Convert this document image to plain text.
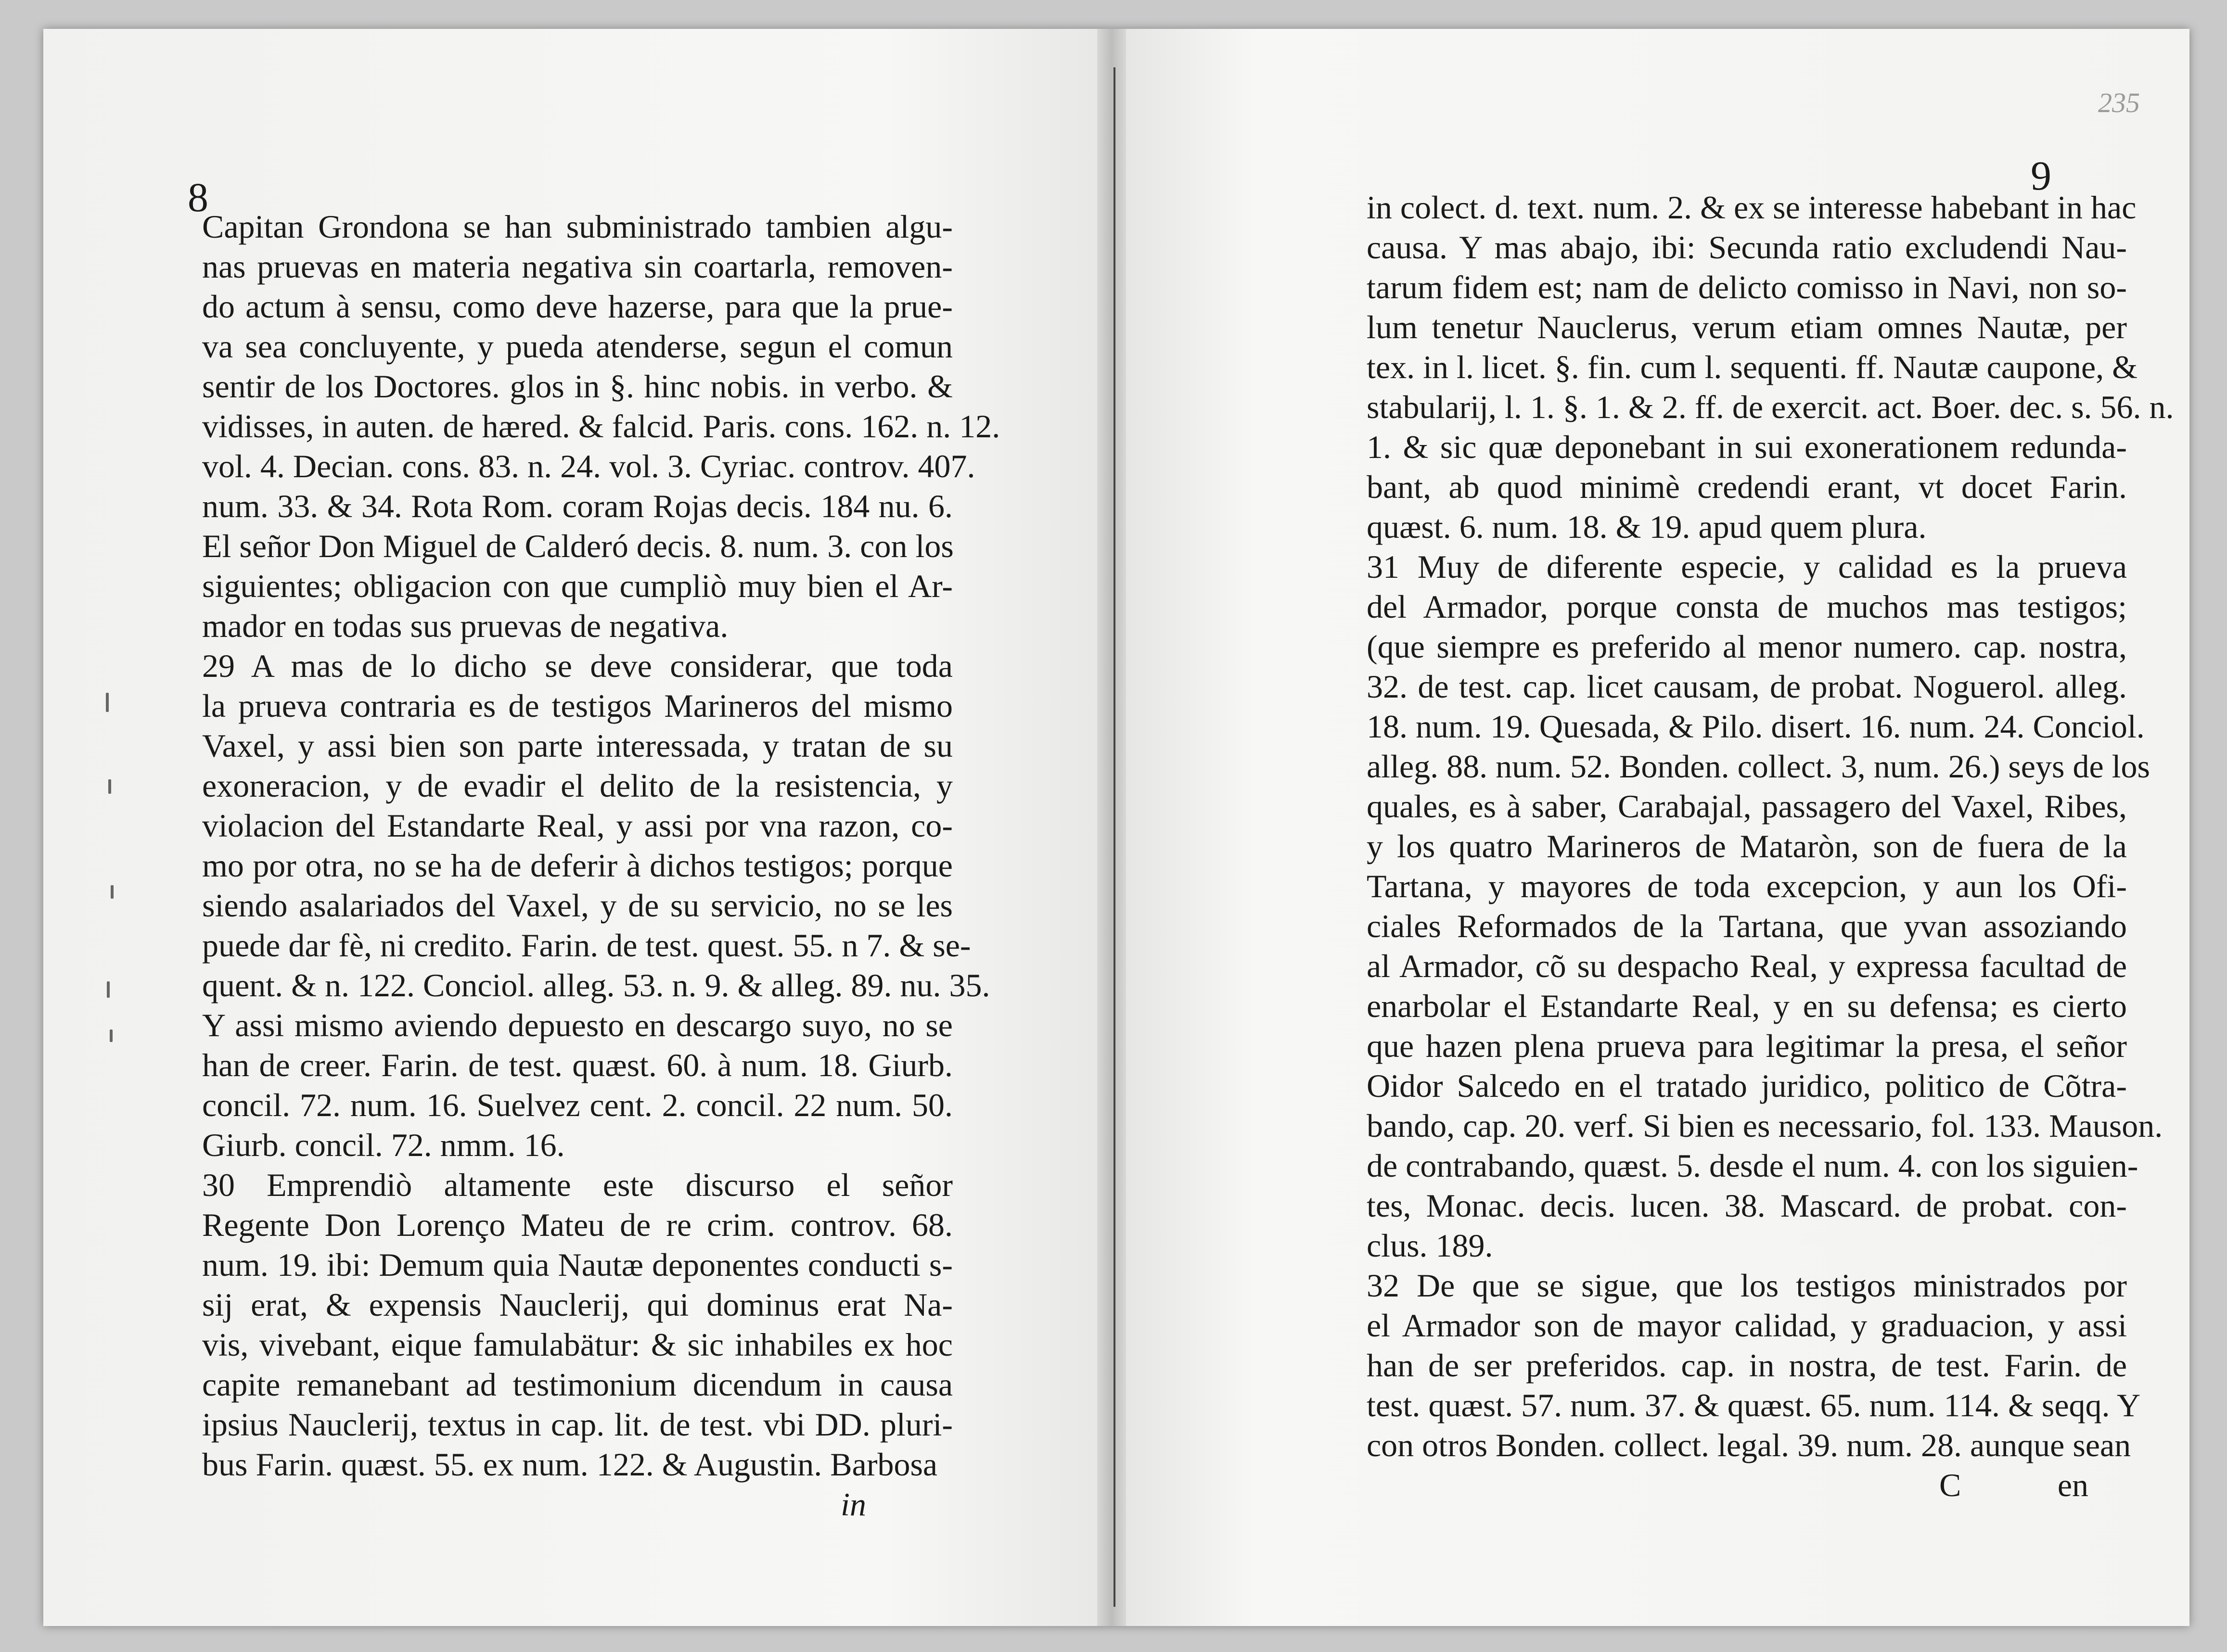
8
Capitan Grondona se han subministrado tambien algu-
nas pruevas en materia negativa sin coartarla, removen-
do actum à sensu, como deve hazerse, para que la prue-
va sea concluyente, y pueda atenderse, segun el comun
sentir de los Doctores. glos in §. hinc nobis. in verbo. &
vidisses, in auten. de hæred. & falcid. Paris. cons. 162. n. 12.
vol. 4. Decian. cons. 83. n. 24. vol. 3. Cyriac. controv. 407.
num. 33. & 34. Rota Rom. coram Rojas decis. 184 nu. 6.
El señor Don Miguel de Calderó decis. 8. num. 3. con los
siguientes; obligacion con que cumpliò muy bien el Ar-
mador en todas sus pruevas de negativa.
29 A mas de lo dicho se deve considerar, que toda
la prueva contraria es de testigos Marineros del mismo
Vaxel, y assi bien son parte interessada, y tratan de su
exoneracion, y de evadir el delito de la resistencia, y
violacion del Estandarte Real, y assi por vna razon, co-
mo por otra, no se ha de deferir à dichos testigos; porque
siendo asalariados del Vaxel, y de su servicio, no se les
puede dar fè, ni credito. Farin. de test. quest. 55. n 7. & se-
quent. & n. 122. Conciol. alleg. 53. n. 9. & alleg. 89. nu. 35.
Y assi mismo aviendo depuesto en descargo suyo, no se
han de creer. Farin. de test. quæst. 60. à num. 18. Giurb.
concil. 72. num. 16. Suelvez cent. 2. concil. 22 num. 50.
Giurb. concil. 72. nmm. 16.
30 Emprendiò altamente este discurso el señor
Regente Don Lorenço Mateu de re crim. controv. 68.
num. 19. ibi: Demum quia Nautæ deponentes conducti s-
sij erat, & expensis Nauclerij, qui dominus erat Na-
vis, vivebant, eique famulabätur: & sic inhabiles ex hoc
capite remanebant ad testimonium dicendum in causa
ipsius Nauclerij, textus in cap. lit. de test. vbi DD. pluri-
bus Farin. quæst. 55. ex num. 122. & Augustin. Barbosa
in
235
9
in colect. d. text. num. 2. & ex se interesse habebant in hac
causa. Y mas abajo, ibi: Secunda ratio excludendi Nau-
tarum fidem est; nam de delicto comisso in Navi, non so-
lum tenetur Nauclerus, verum etiam omnes Nautæ, per
tex. in l. licet. §. fin. cum l. sequenti. ff. Nautæ caupone, &
stabularij, l. 1. §. 1. & 2. ff. de exercit. act. Boer. dec. s. 56. n.
1. & sic quæ deponebant in sui exonerationem redunda-
bant, ab quod minimè credendi erant, vt docet Farin.
quæst. 6. num. 18. & 19. apud quem plura.
31 Muy de diferente especie, y calidad es la prueva
del Armador, porque consta de muchos mas testigos;
(que siempre es preferido al menor numero. cap. nostra,
32. de test. cap. licet causam, de probat. Noguerol. alleg.
18. num. 19. Quesada, & Pilo. disert. 16. num. 24. Conciol.
alleg. 88. num. 52. Bonden. collect. 3, num. 26.) seys de los
quales, es à saber, Carabajal, passagero del Vaxel, Ribes,
y los quatro Marineros de Mataròn, son de fuera de la
Tartana, y mayores de toda excepcion, y aun los Ofi-
ciales Reformados de la Tartana, que yvan assoziando
al Armador, cõ su despacho Real, y expressa facultad de
enarbolar el Estandarte Real, y en su defensa; es cierto
que hazen plena prueva para legitimar la presa, el señor
Oidor Salcedo en el tratado juridico, politico de Cõtra-
bando, cap. 20. verf. Si bien es necessario, fol. 133. Mauson.
de contrabando, quæst. 5. desde el num. 4. con los siguien-
tes, Monac. decis. lucen. 38. Mascard. de probat. con-
clus. 189.
32 De que se sigue, que los testigos ministrados por
el Armador son de mayor calidad, y graduacion, y assi
han de ser preferidos. cap. in nostra, de test. Farin. de
test. quæst. 57. num. 37. & quæst. 65. num. 114. & seqq. Y
con otros Bonden. collect. legal. 39. num. 28. aunque sean
C	en
